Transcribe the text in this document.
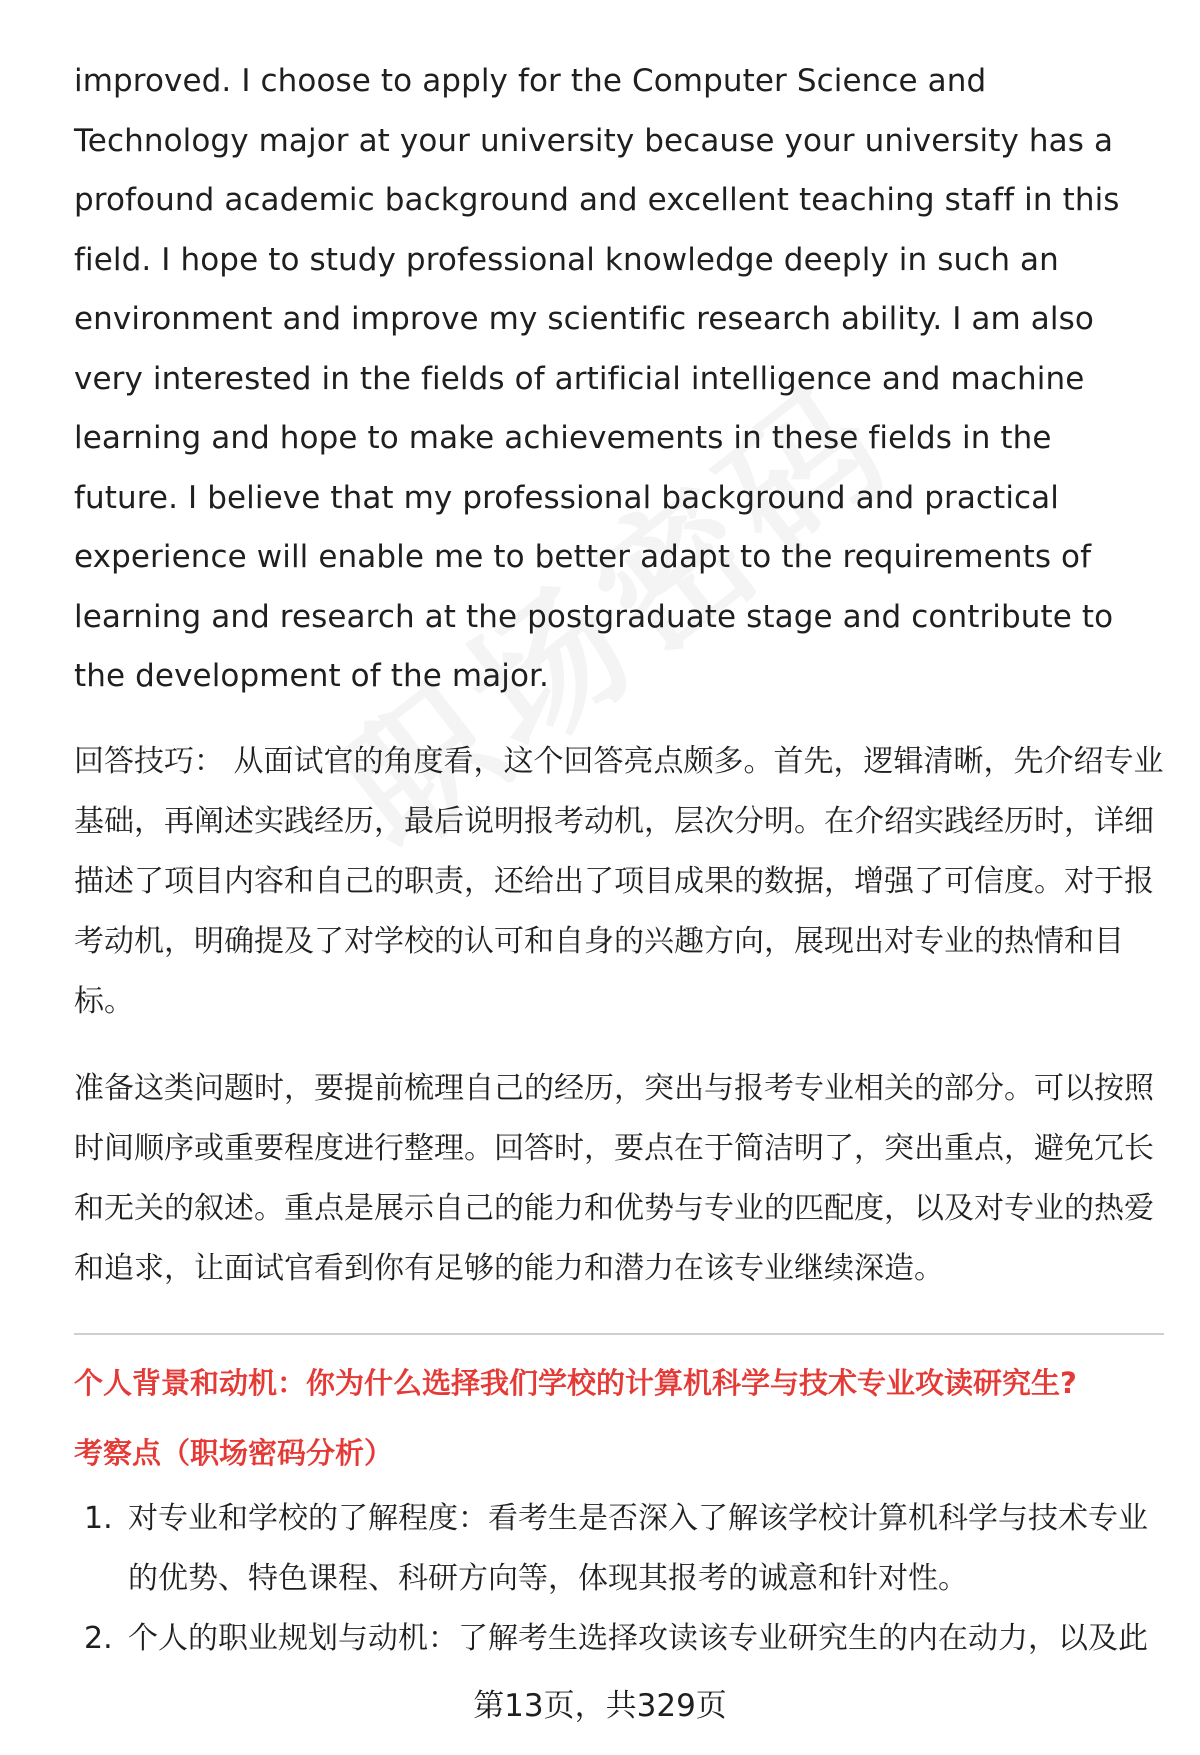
improved. I choose to apply for the Computer Science and Technology major at your university because your university has a profound academic background and excellent teaching staff in this field. I hope to study professional knowledge deeply in such an environment and improve my scientific research ability. I am also very interested in the fields of artificial intelligence and machine learning and hope to make achievements in these fields in the future. I believe that my professional background and practical experience will enable me to better adapt to the requirements of learning and research at the postgraduate stage and contribute to the development of the major.

回答技巧： 从面试官的角度看，这个回答亮点颇多。首先，逻辑清晰，先介绍专业基础，再阐述实践经历，最后说明报考动机，层次分明。在介绍实践经历时，详细描述了项目内容和自己的职责，还给出了项目成果的数据，增强了可信度。对于报考动机，明确提及了对学校的认可和自身的兴趣方向，展现出对专业的热情和目标。

准备这类问题时，要提前梳理自己的经历，突出与报考专业相关的部分。可以按照时间顺序或重要程度进行整理。回答时，要点在于简洁明了，突出重点，避免冗长和无关的叙述。重点是展示自己的能力和优势与专业的匹配度，以及对专业的热爱和追求，让面试官看到你有足够的能力和潜力在该专业继续深造。

个人背景和动机：你为什么选择我们学校的计算机科学与技术专业攻读研究生?
考察点（职场密码分析）
1. 对专业和学校的了解程度：看考生是否深入了解该学校计算机科学与技术专业的优势、特色课程、科研方向等，体现其报考的诚意和针对性。
2. 个人的职业规划与动机：了解考生选择攻读该专业研究生的内在动力，以及此
第13页，共329页
